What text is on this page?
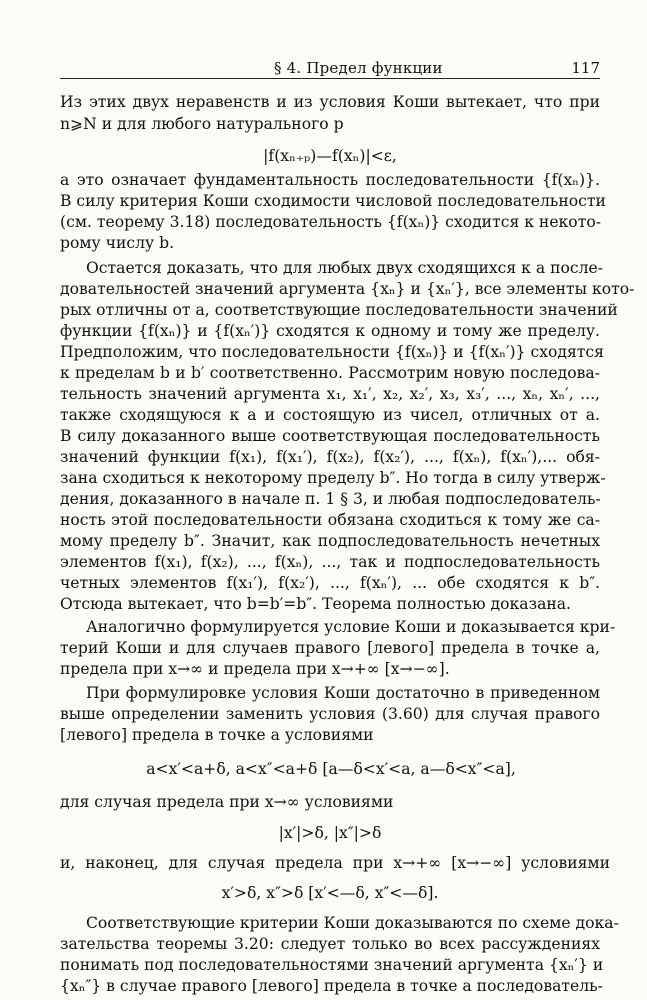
§ 4. Предел функции	117
Из этих двух неравенств и из условия Коши вытекает, что при
n⩾N и для любого натурального p
|f(xₙ₊ₚ)—f(xₙ)|<ε,
а это означает фундаментальность последовательности {f(xₙ)}.
В силу критерия Коши сходимости числовой последовательности
(см. теорему 3.18) последовательность {f(xₙ)} сходится к некото-
рому числу b.
Остается доказать, что для любых двух сходящихся к a после-
довательностей значений аргумента {xₙ} и {xₙ′}, все элементы кото-
рых отличны от a, соответствующие последовательности значений
функции {f(xₙ)} и {f(xₙ′)} сходятся к одному и тому же пределу.
Предположим, что последовательности {f(xₙ)} и {f(xₙ′)} сходятся
к пределам b и b′ соответственно. Рассмотрим новую последова-
тельность значений аргумента x₁, x₁′, x₂, x₂′, x₃, x₃′, ..., xₙ, xₙ′, ...,
также сходящуюся к a и состоящую из чисел, отличных от a.
В силу доказанного выше соответствующая последовательность
значений функции f(x₁), f(x₁′), f(x₂), f(x₂′), ..., f(xₙ), f(xₙ′),... обя-
зана сходиться к некоторому пределу b″. Но тогда в силу утверж-
дения, доказанного в начале п. 1 § 3, и любая подпоследователь-
ность этой последовательности обязана сходиться к тому же са-
мому пределу b″. Значит, как подпоследовательность нечетных
элементов f(x₁), f(x₂), ..., f(xₙ), ..., так и подпоследовательность
четных элементов f(x₁′), f(x₂′), ..., f(xₙ′), ... обе сходятся к b″.
Отсюда вытекает, что b=b′=b″. Теорема полностью доказана.
Аналогично формулируется условие Коши и доказывается кри-
терий Коши и для случаев правого [левого] предела в точке a,
предела при x→∞ и предела при x→+∞ [x→−∞].
При формулировке условия Коши достаточно в приведенном
выше определении заменить условия (3.60) для случая правого
[левого] предела в точке a условиями
a<x′<a+δ, a<x″<a+δ [a—δ<x′<a, a—δ<x″<a],
для случая предела при x→∞ условиями
|x′|>δ, |x″|>δ
и, наконец, для случая предела при x→+∞ [x→−∞] условиями
x′>δ, x″>δ [x′<—δ, x″<—δ].
Соответствующие критерии Коши доказываются по схеме дока-
зательства теоремы 3.20: следует только во всех рассуждениях
понимать под последовательностями значений аргумента {xₙ′} и
{xₙ″} в случае правого [левого] предела в точке a последователь-
